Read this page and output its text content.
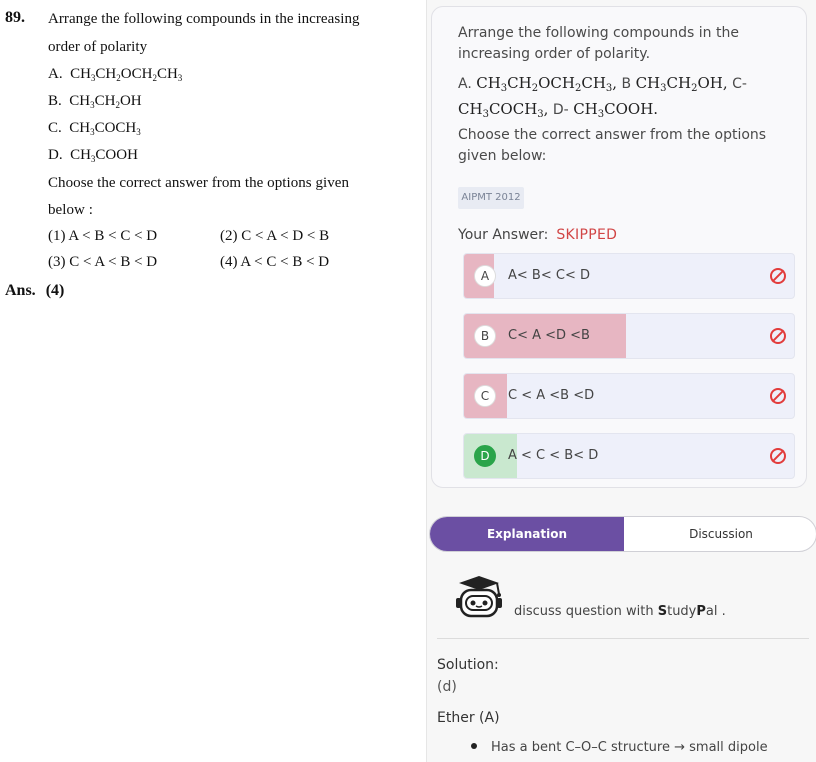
89. Arrange the following compounds in the increasing
order of polarity
A.  $CH_3CH_2OCH_2CH_3$
B.  $CH_3CH_2OH$
C.  $CH_3COCH_3$
D.  $CH_3COOH$
Choose the correct answer from the options given
below :
(1) A < B < C < D	(2) C < A < D < B
(3) C < A < B < D	(4) A < C < B < D
Ans. (4)
Arrange the following compounds in the increasing order of polarity.
A. $CH_3CH_2OCH_2CH_3$, B $CH_3CH_2OH$, C- $CH_3COCH_3$, D- $CH_3COOH$.
Choose the correct answer from the options given below:
AIPMT 2012
Your Answer: SKIPPED
A	A< B< C< D
B	C< A <D <B
C	C < A <B <D
D	A < C < B< D
Explanation	Discussion
discuss question with StudyPal .
Solution:
(d)
Ether (A)
Has a bent C–O–C structure → small dipole
